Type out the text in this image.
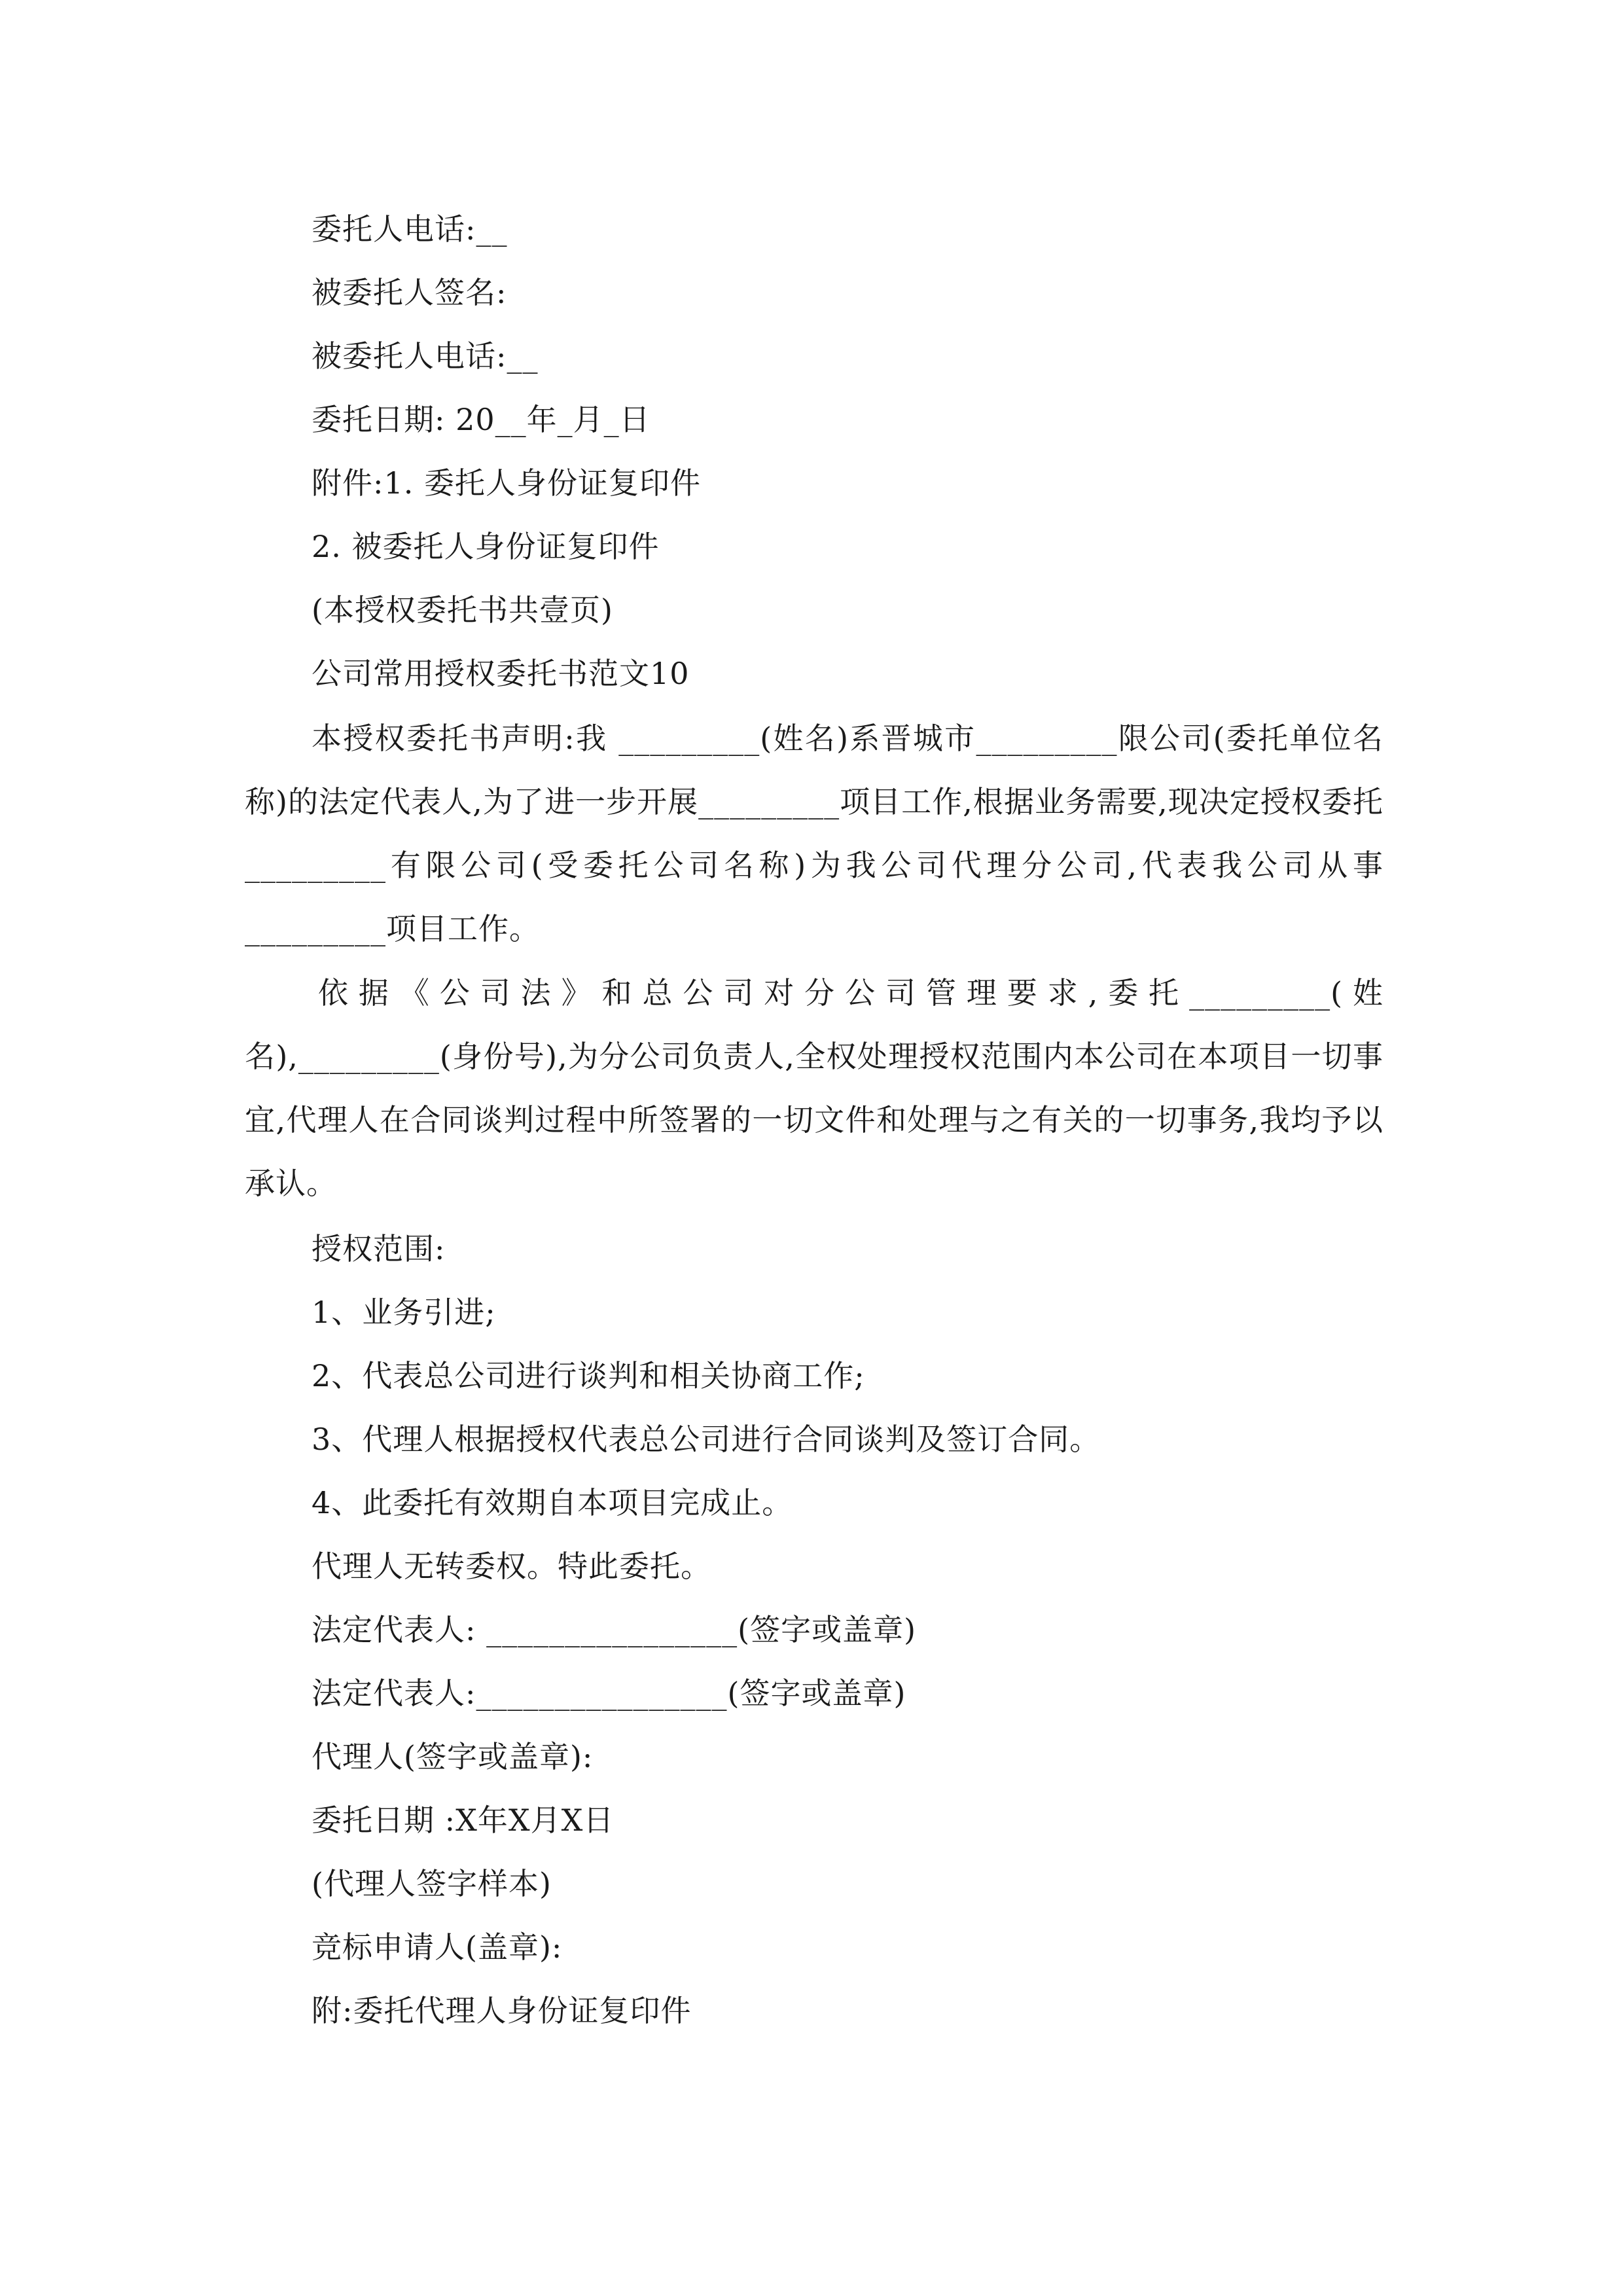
委托人电话:__
被委托人签名:
被委托人电话:__
委托日期: 20__年_月_日
附件:1. 委托人身份证复印件
2. 被委托人身份证复印件
(本授权委托书共壹页)
公司常用授权委托书范文10
本授权委托书声明:我 _________(姓名)系晋城市_________限公司(委托单位名称)的法定代表人,为了进一步开展_________项目工作,根据业务需要,现决定授权委托_________有限公司(受委托公司名称)为我公司代理分公司,代表我公司从事_________项目工作。
依据《公司法》和总公司对分公司管理要求,委托_________(姓名),_________(身份号),为分公司负责人,全权处理授权范围内本公司在本项目一切事宜,代理人在合同谈判过程中所签署的一切文件和处理与之有关的一切事务,我均予以承认。
授权范围:
1、业务引进;
2、代表总公司进行谈判和相关协商工作;
3、代理人根据授权代表总公司进行合同谈判及签订合同。
4、此委托有效期自本项目完成止。
代理人无转委权。特此委托。
法定代表人: ________________(签字或盖章)
法定代表人:________________(签字或盖章)
代理人(签字或盖章):
委托日期 :X年X月X日
(代理人签字样本)
竞标申请人(盖章):
附:委托代理人身份证复印件
